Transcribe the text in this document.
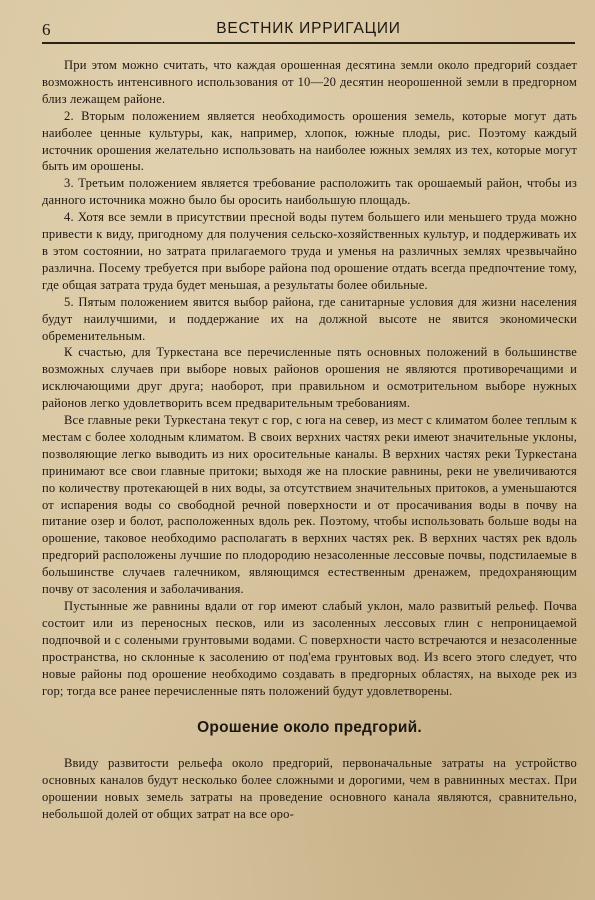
6	ВЕСТНИК ИРРИГАЦИИ

При этом можно считать, что каждая орошенная десятина земли около предгорий создает возможность интенсивного использования от 10—20 десятин неорошенной земли в предгорном близ лежащем районе.

2. Вторым положением является необходимость орошения земель, которые могут дать наиболее ценные культуры, как, например, хлопок, южные плоды, рис. Поэтому каждый источник орошения желательно использовать на наиболее южных землях из тех, которые могут быть им орошены.

3. Третьим положением является требование расположить так орошаемый район, чтобы из данного источника можно было бы оросить наибольшую площадь.

4. Хотя все земли в присутствии пресной воды путем большего или меньшего труда можно привести к виду, пригодному для получения сельско-хозяйственных культур, и поддерживать их в этом состоянии, но затрата прилагаемого труда и уменья на различных землях чрезвычайно различна. Посему требуется при выборе района под орошение отдать всегда предпочтение тому, где общая затрата труда будет меньшая, а результаты более обильные.

5. Пятым положением явится выбор района, где санитарные условия для жизни населения будут наилучшими, и поддержание их на должной высоте не явится экономически обременительным.

К счастью, для Туркестана все перечисленные пять основных положений в большинстве возможных случаев при выборе новых районов орошения не являются противоречащими и исключающими друг друга; наоборот, при правильном и осмотрительном выборе нужных районов легко удовлетворить всем предварительным требованиям.

Все главные реки Туркестана текут с гор, с юга на север, из мест с климатом более теплым к местам с более холодным климатом. В своих верхних частях реки имеют значительные уклоны, позволяющие легко выводить из них оросительные каналы. В верхних частях реки Туркестана принимают все свои главные притоки; выходя же на плоские равнины, реки не увеличиваются по количеству протекающей в них воды, за отсутствием значительных притоков, а уменьшаются от испарения воды со свободной речной поверхности и от просачивания воды в почву на питание озер и болот, расположенных вдоль рек. Поэтому, чтобы использовать больше воды на орошение, таковое необходимо располагать в верхних частях рек. В верхних частях рек вдоль предгорий расположены лучшие по плодородию незасоленные лессовые почвы, подстилаемые в большинстве случаев галечником, являющимся естественным дренажем, предохраняющим почву от засоления и заболачивания.

Пустынные же равнины вдали от гор имеют слабый уклон, мало развитый рельеф. Почва состоит или из переносных песков, или из засоленных лессовых глин с непроницаемой подпочвой и с солеными грунтовыми водами. С поверхности часто встречаются и незасоленные пространства, но склонные к засолению от под'ема грунтовых вод. Из всего этого следует, что новые районы под орошение необходимо создавать в предгорных областях, на выходе рек из гор; тогда все ранее перечисленные пять положений будут удовлетворены.

Орошение около предгорий.

Ввиду развитости рельефа около предгорий, первоначальные затраты на устройство основных каналов будут несколько более сложными и дорогими, чем в равнинных местах. При орошении новых земель затраты на проведение основного канала являются, сравнительно, небольшой долей от общих затрат на все оро-
